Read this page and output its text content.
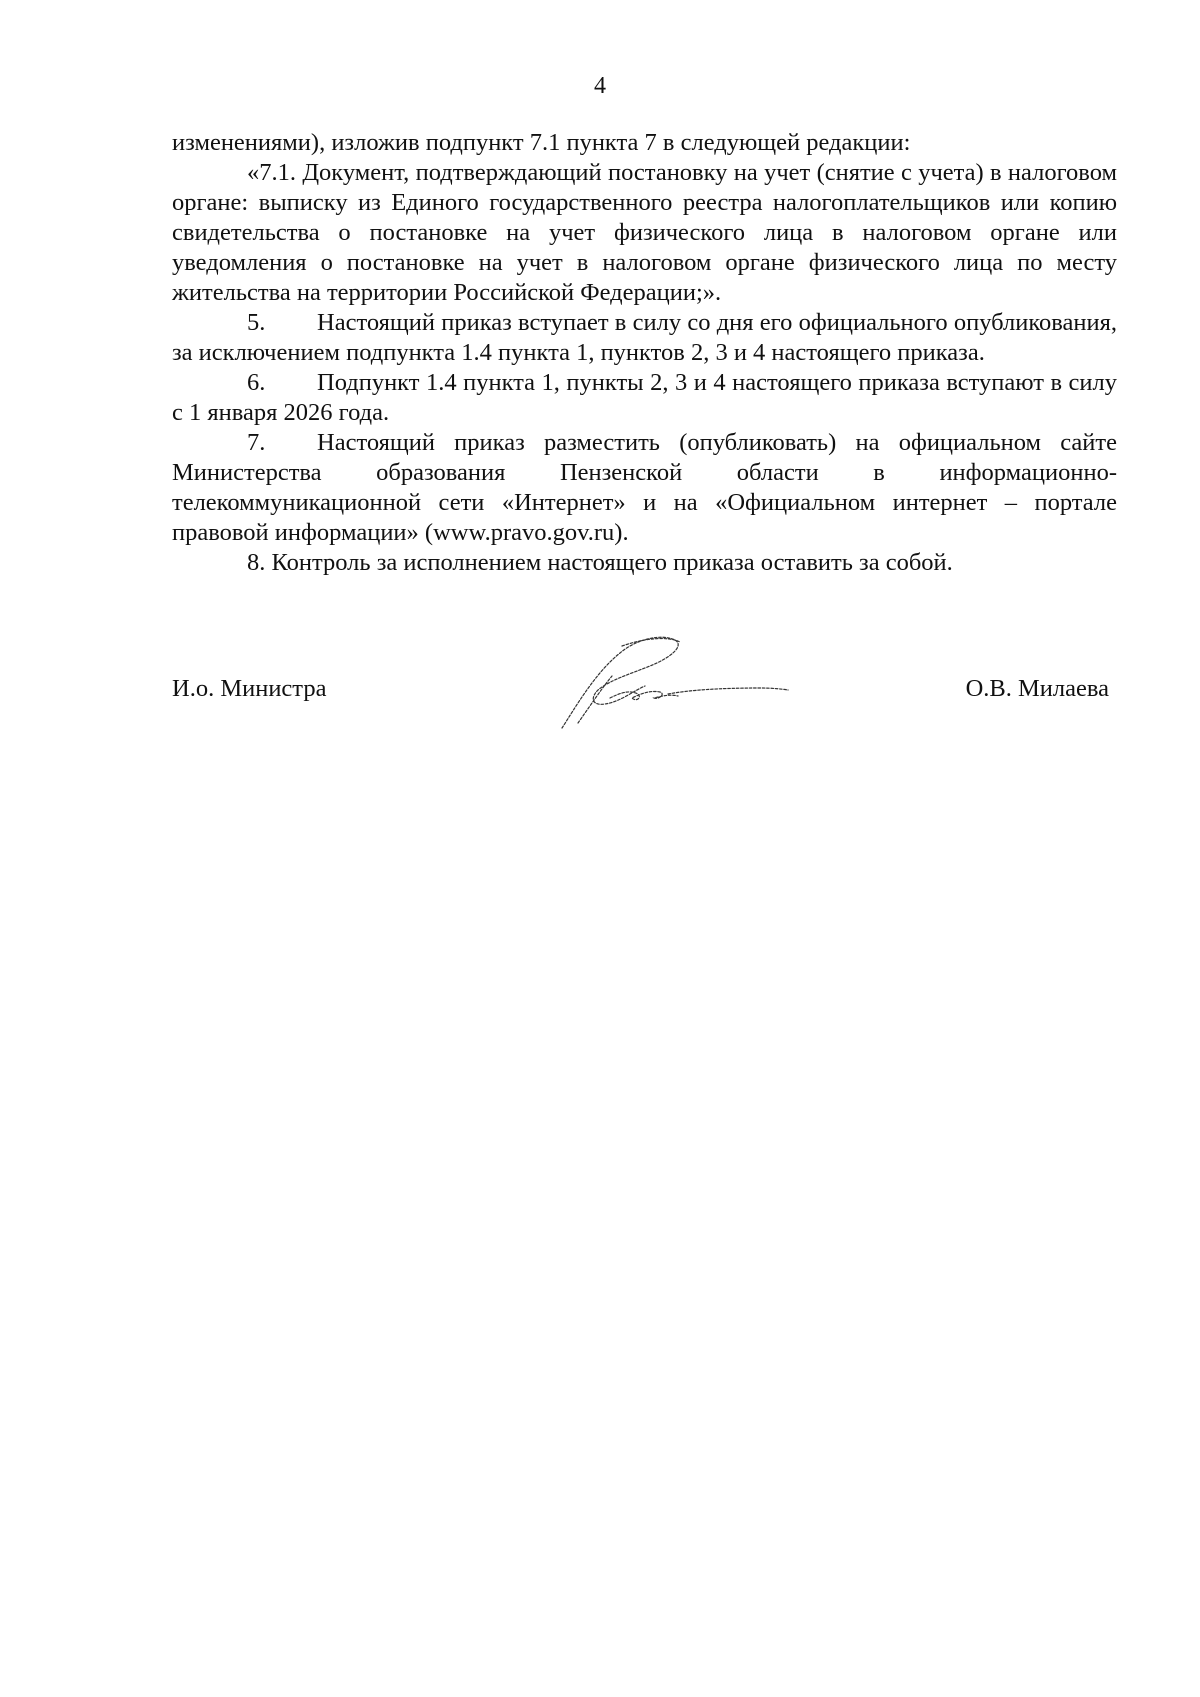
4

изменениями), изложив подпункт 7.1 пункта 7 в следующей редакции:

«7.1. Документ, подтверждающий постановку на учет (снятие с учета) в налоговом органе: выписку из Единого государственного реестра налогоплательщиков или копию свидетельства о постановке на учет физического лица в налоговом органе или уведомления о постановке на учет в налоговом органе физического лица по месту жительства на территории Российской Федерации;».

5. Настоящий приказ вступает в силу со дня его официального опубликования, за исключением подпункта 1.4 пункта 1, пунктов 2, 3 и 4 настоящего приказа.

6. Подпункт 1.4 пункта 1, пункты 2, 3 и 4 настоящего приказа вступают в силу с 1 января 2026 года.

7. Настоящий приказ разместить (опубликовать) на официальном сайте Министерства образования Пензенской области в информационно-телекоммуникационной сети «Интернет» и на «Официальном интернет – портале правовой информации» (www.pravo.gov.ru).

8. Контроль за исполнением настоящего приказа оставить за собой.

И.о. Министра	О.В. Милаева
